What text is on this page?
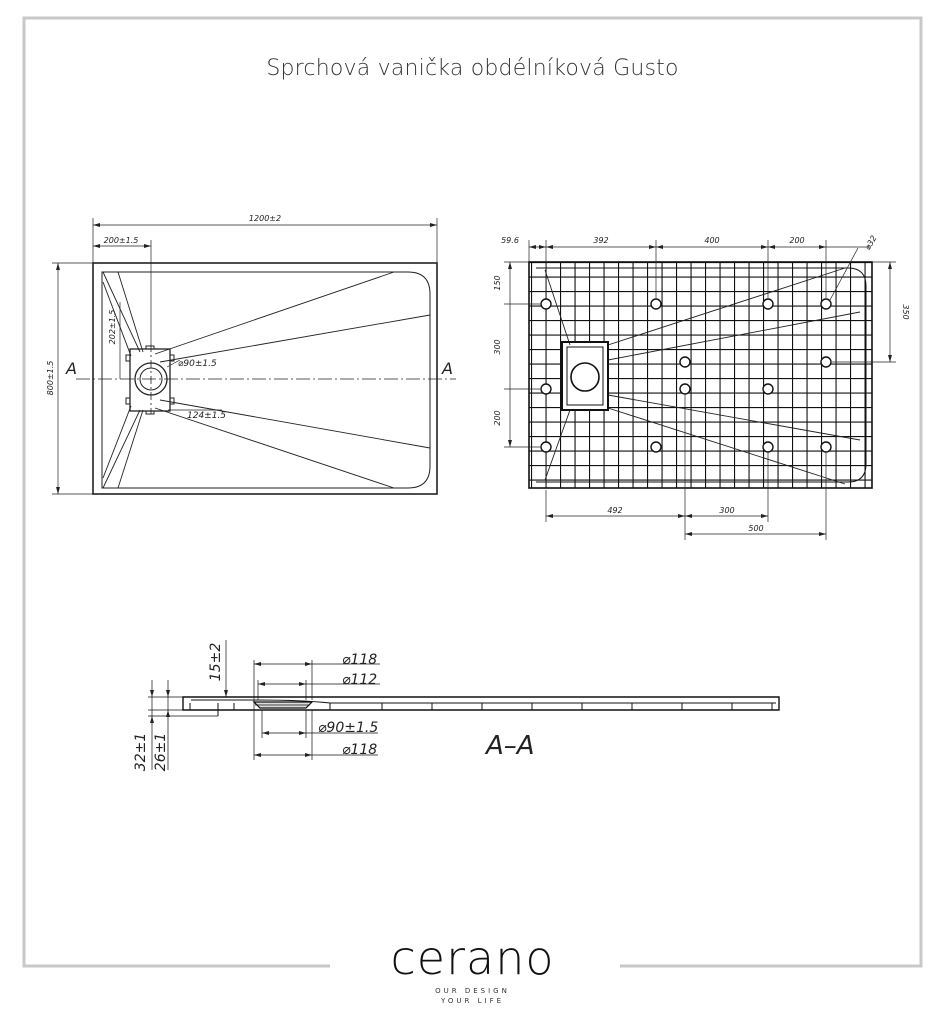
Sprchová vanička obdélníková Gusto
1200±2
200±1.5
800±1.5
202±1.5
⌀90±1.5
124±1.5
A	A
59.6	392	400	200	⌀32
150
300
200
350
492	300
500
15±2	⌀118
⌀112
⌀90±1.5
⌀118
32±1 26±1	A–A
cerano
OUR DESIGN
YOUR LIFE
